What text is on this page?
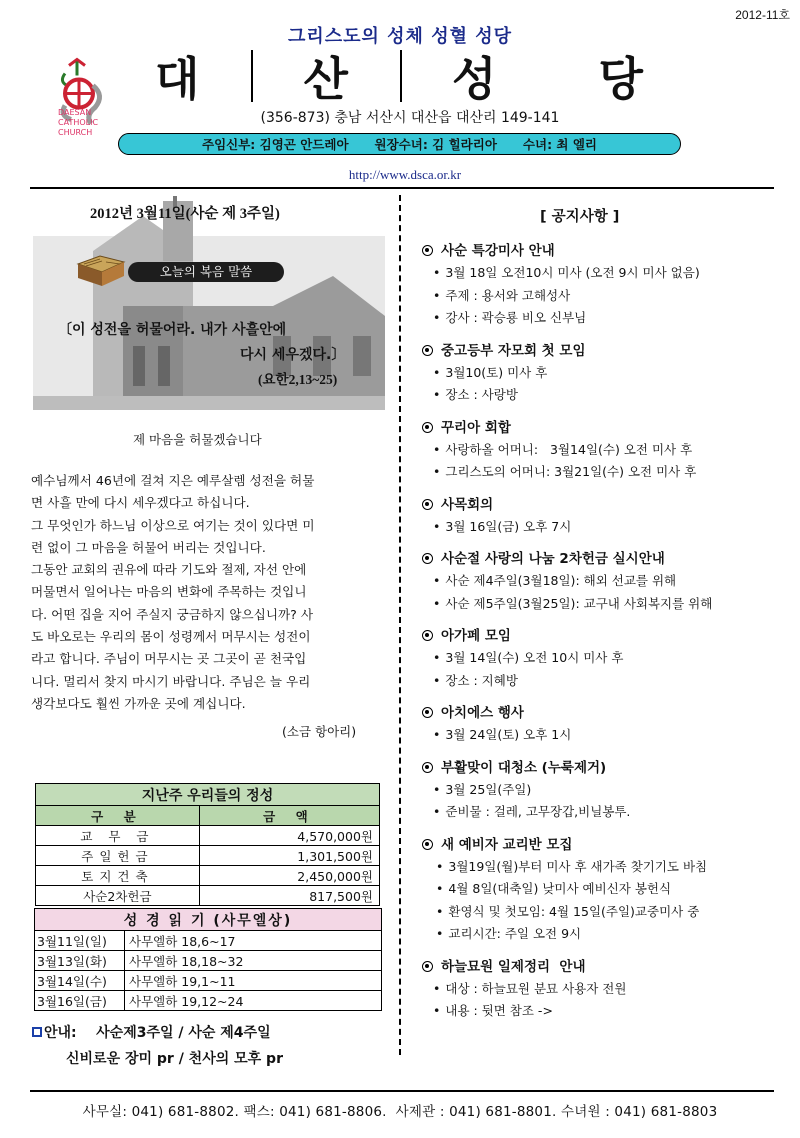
2012-11호
DAESAN
CATHOLIC
CHURCH
그리스도의 성체 성혈 성당
대 산 성 당
(356-873) 충남 서산시 대산읍 대산리 149-141
주임신부: 김영곤 안드레아 원장수녀: 김 힐라리아 수녀: 최 엘리
http://www.dsca.or.kr
2012년 3월11일(사순 제 3주일)
오늘의 복음 말씀
〔이 성전을 허물어라. 내가 사흘안에
다시 세우겠다.〕
(요한2,13~25)
제 마음을 허물겠습니다
예수님께서 46년에 걸쳐 지은 예루살렘 성전을 허물
면 사흘 만에 다시 세우겠다고 하십니다.
그 무엇인가 하느님 이상으로 여기는 것이 있다면 미
련 없이 그 마음을 허물어 버리는 것입니다.
그동안 교회의 권유에 따라 기도와 절제, 자선 안에
머물면서 일어나는 마음의 변화에 주목하는 것입니
다. 어떤 집을 지어 주실지 궁금하지 않으십니까? 사
도 바오로는 우리의 몸이 성령께서 머무시는 성전이
라고 합니다. 주님이 머무시는 곳 그곳이 곧 천국입
니다. 멀리서 찾지 마시기 바랍니다. 주님은 늘 우리
생각보다도 훨씬 가까운 곳에 계십니다.
(소금 항아리)
지난주 우리들의 정성	
구 분	금 액
교 무 금	4,570,000원
주일헌금	1,301,500원
토지건축	2,450,000원
사순2차헌금	817,500원
성 경 읽 기 (사무엘상)	
3월11일(일)	사무엘하 18,6~17
3월13일(화)	사무엘하 18,18~32
3월14일(수)	사무엘하 19,1~11
3월16일(금)	사무엘하 19,12~24
안내:    사순제3주일 / 사순 제4주일
신비로운 장미 pr / 천사의 모후 pr
[ 공지사항 ]
사순 특강미사 안내
• 3월 18일 오전10시 미사 (오전 9시 미사 없음)
• 주제 : 용서와 고해성사
• 강사 : 곽승룡 비오 신부님
중고등부 자모회 첫 모임
• 3월10(토) 미사 후
• 장소 : 사랑방
꾸리아 회합
• 사랑하올 어머니:   3월14일(수) 오전 미사 후
• 그리스도의 어머니: 3월21일(수) 오전 미사 후
사목회의
• 3월 16일(금) 오후 7시
사순절 사랑의 나눔 2차헌금 실시안내
• 사순 제4주일(3월18일): 해외 선교를 위해
• 사순 제5주일(3월25일): 교구내 사회복지를 위해
아가페 모임
• 3월 14일(수) 오전 10시 미사 후
• 장소 : 지혜방
아치에스 행사
• 3월 24일(토) 오후 1시
부활맞이 대청소 (누룩제거)
• 3월 25일(주일)
• 준비물 : 걸레, 고무장갑,비닐봉투.
새 예비자 교리반 모집
• 3월19일(월)부터 미사 후 새가족 찾기기도 바침
• 4월 8일(대축일) 낮미사 예비신자 봉헌식
• 환영식 및 첫모임: 4월 15일(주일)교중미사 중
• 교리시간: 주일 오전 9시
하늘묘원 일제정리  안내
• 대상 : 하늘묘원 분묘 사용자 전원
• 내용 : 뒷면 참조 ->
사무실: 041) 681-8802. 팩스: 041) 681-8806.  사제관 : 041) 681-8801. 수녀원 : 041) 681-8803
